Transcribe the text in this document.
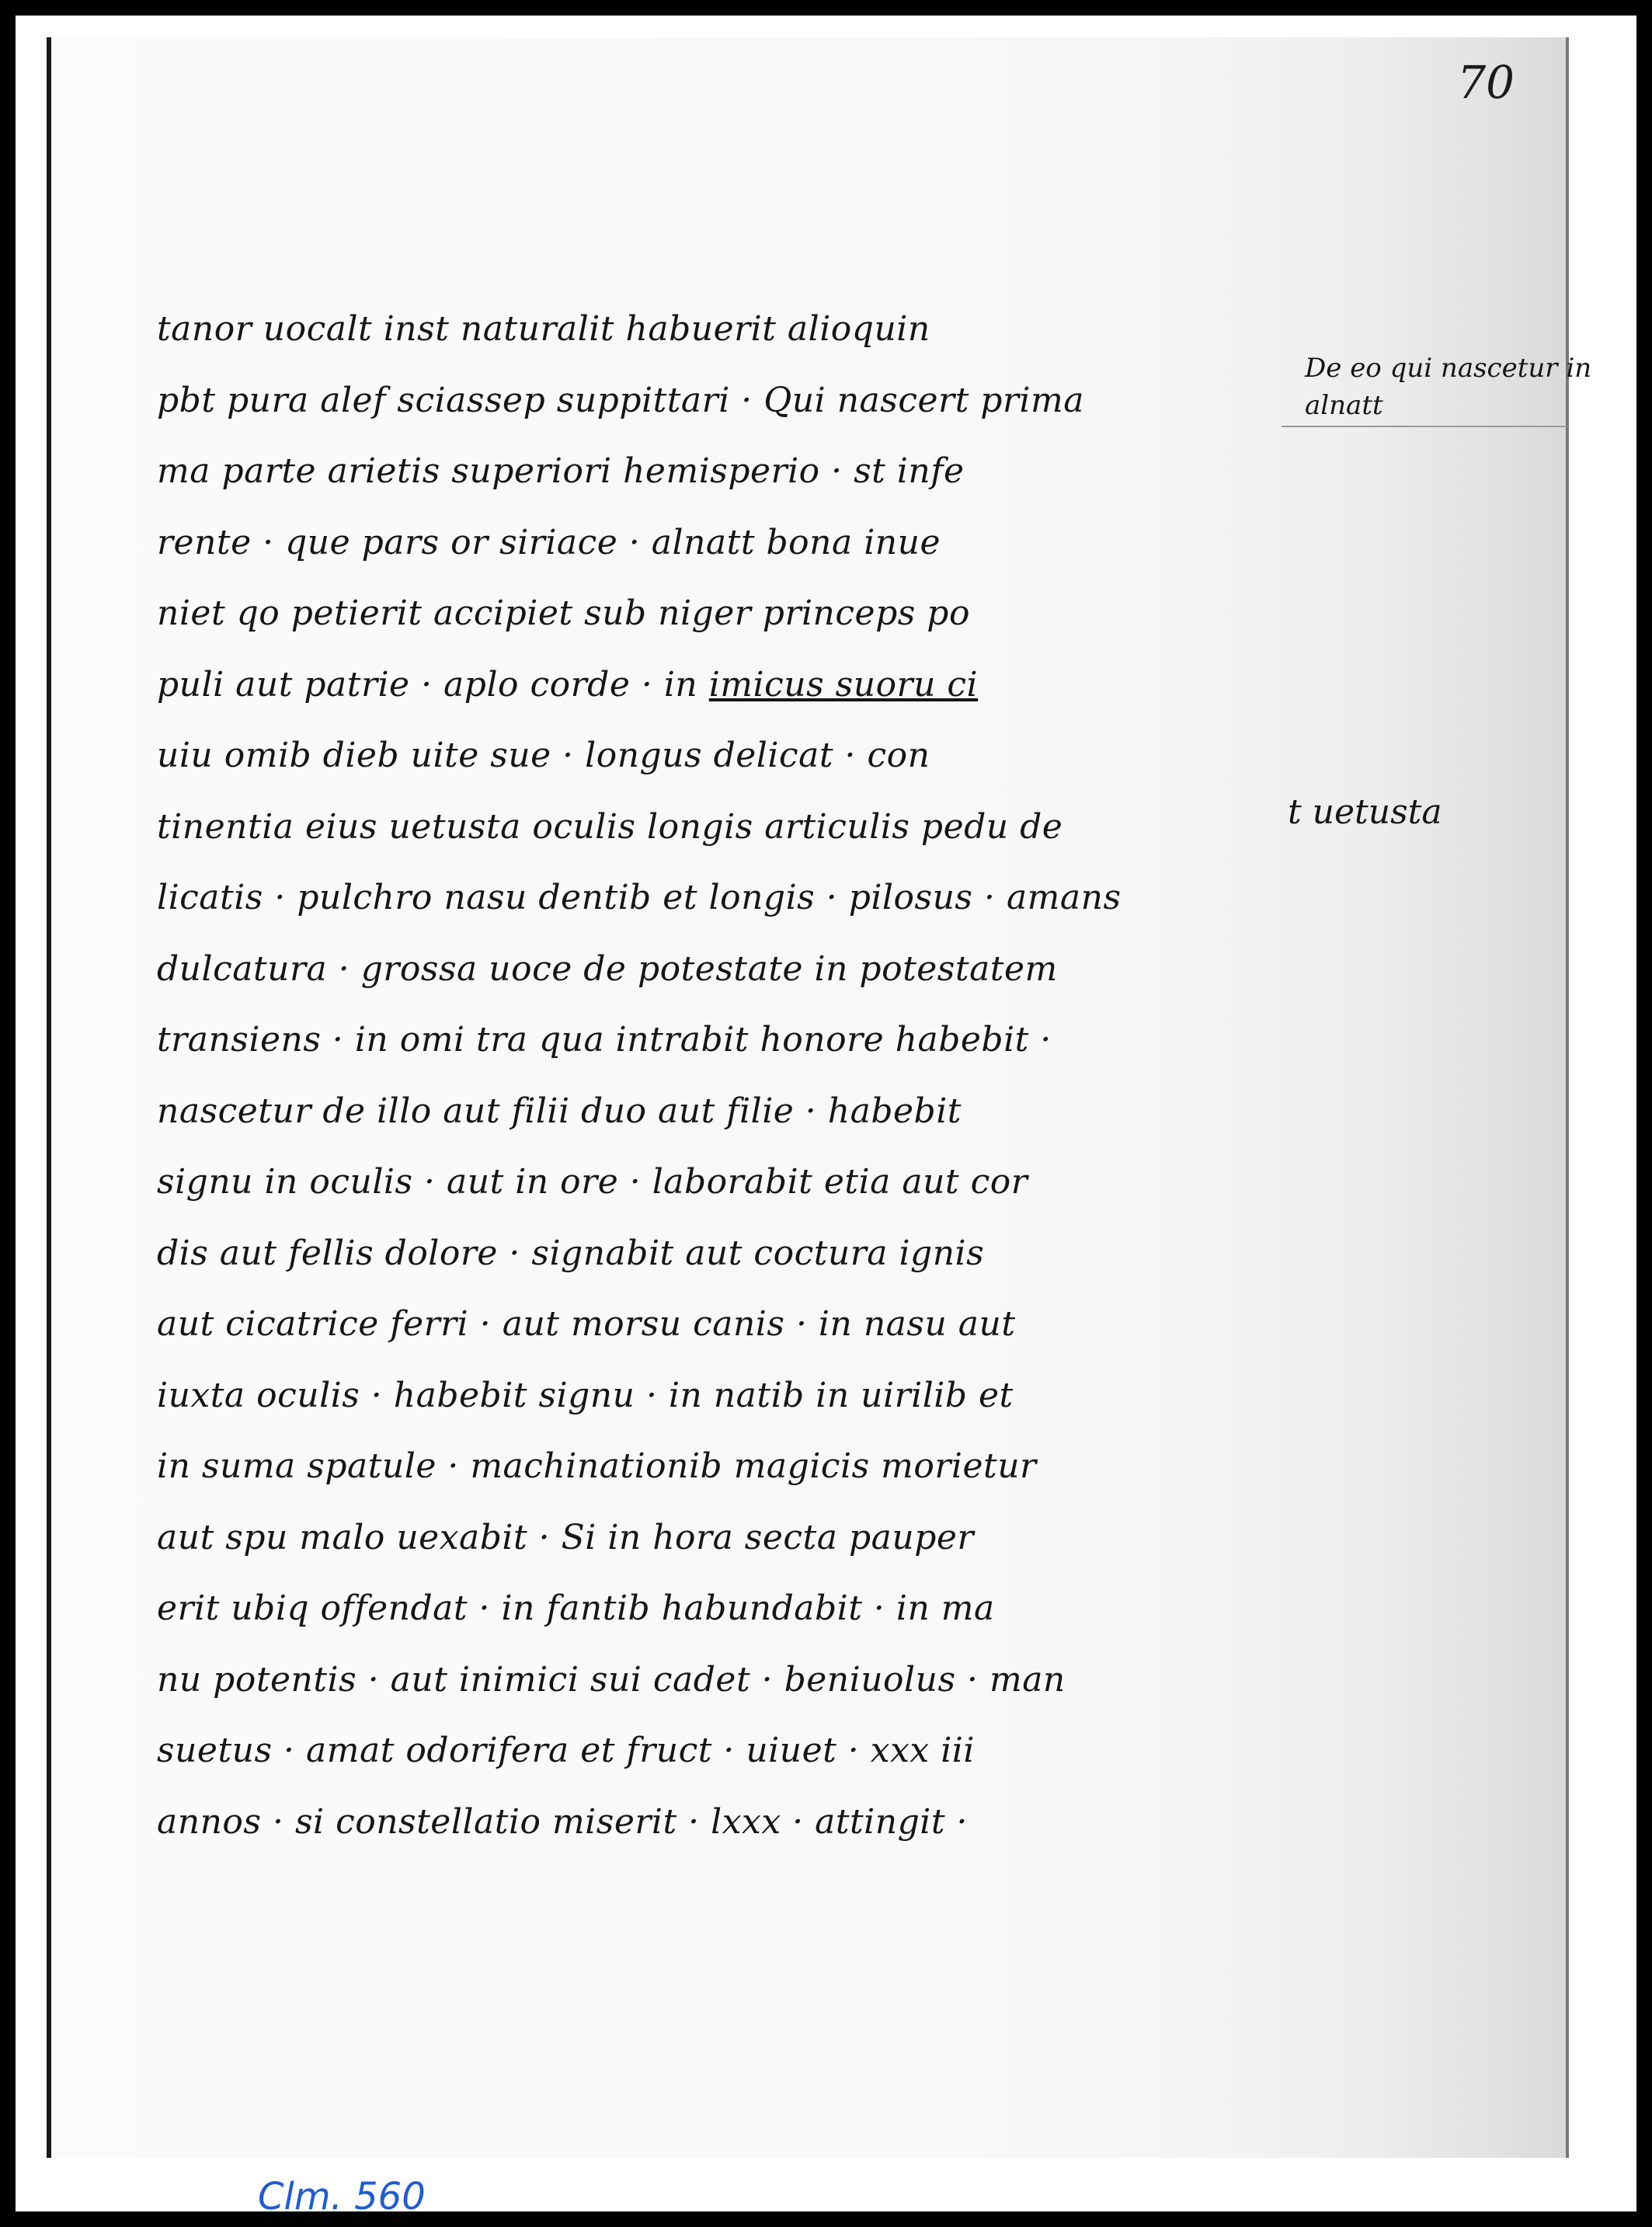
70
De eo qui nascetur in
alnatt
t uetusta
tanor uocalt inst naturalit habuerit alioquin
pbt pura alef sciassep suppittari · Qui nascert prima
ma parte arietis superiori hemisperio · st infe
rente · que pars or siriace · alnatt bona inue
niet qo petierit accipiet sub niger princeps po
puli aut patrie · aplo corde · in imicus suoru ci
uiu omib dieb uite sue · longus delicat · con
tinentia eius uetusta oculis longis articulis pedu de
licatis · pulchro nasu dentib et longis · pilosus · amans
dulcatura · grossa uoce de potestate in potestatem
transiens · in omi tra qua intrabit honore habebit ·
nascetur de illo aut filii duo aut filie · habebit
signu in oculis · aut in ore · laborabit etia aut cor
dis aut fellis dolore · signabit aut coctura ignis
aut cicatrice ferri · aut morsu canis · in nasu aut
iuxta oculis · habebit signu · in natib in uirilib et
in suma spatule · machinationib magicis morietur
aut spu malo uexabit · Si in hora secta pauper
erit ubiq offendat · in fantib habundabit · in ma
nu potentis · aut inimici sui cadet · beniuolus · man
suetus · amat odorifera et fruct · uiuet · xxx iii
annos · si constellatio miserit · lxxx · attingit ·
Clm. 560
